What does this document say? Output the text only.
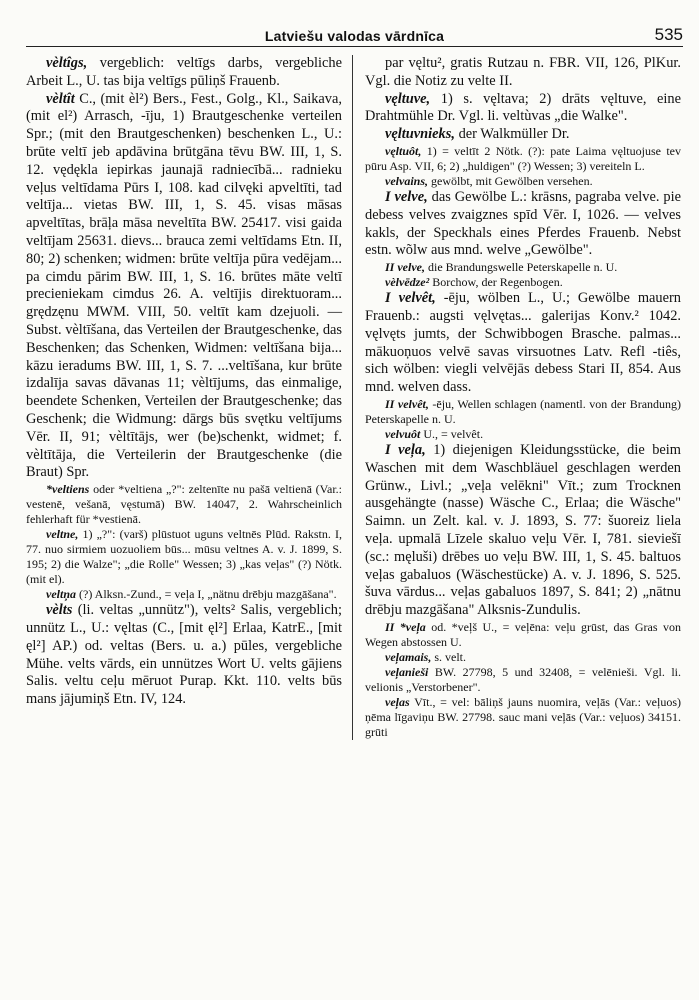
Latviešu valodas vārdnīca	535

vèltîgs, vergeblich: veltīgs darbs, vergebliche Arbeit L., U. tas bija veltīgs pūliņš Frauenb.

vèltît C., (mit èl²) Bers., Fest., Golg., Kl., Saikava, (mit el²) Arrasch, -īju, 1) Brautgeschenke verteilen Spr.; (mit den Brautgeschenken) beschenken L., U.: brūte veltī jeb apdāvina brūtgāna tēvu BW. III, 1, S. 12. vędękla iepirkas jaunajā radniecībā... radnieku veļus veltīdama Pūrs I, 108. kad cilvęki apveltīti, tad veltīja... vietas BW. III, 1, S. 45. visas māsas apveltītas, brāļa māsa neveltīta BW. 25417. visi gaida veltījam 25631. dievs... brauca zemi veltīdams Etn. II, 80; 2) schenken; widmen: brūte veltīja pūra vedējam... pa cimdu pārim BW. III, 1, S. 16. brūtes māte veltī precieniekam cimdus 26. A. veltījis direktuoram... grędzęnu MWM. VIII, 50. veltīt kam dzejuoli. — Subst. vèltīšana, das Verteilen der Brautgeschenke, das Beschenken; das Schenken, Widmen: veltīšana bija... kāzu ieradums BW. III, 1, S. 7. ...veltīšana, kur brūte izdalīja savas dāvanas 11; vèltījums, das einmalige, beendete Schenken, Verteilen der Brautgeschenke; das Geschenk; die Widmung: dārgs būs svętku veltījums Vēr. II, 91; vèltītājs, wer (be)schenkt, widmet; f. vèltītāja, die Verteilerin der Brautgeschenke (die Braut) Spr.

*veltiens oder *veltiena „?": zeltenīte nu pašā veltienā (Var.: vestenē, vešanā, vęstumā) BW. 14047, 2. Wahrscheinlich fehlerhaft für *vestienā.

veltne, 1) „?": (varš) plūstuot uguns veltnēs Plūd. Rakstn. I, 77. nuo sirmiem uozuoliem būs... mūsu veltnes A. v. J. 1899, S. 195; 2) die Walze"; „die Rolle" Wessen; 3) „kas veļas" (?) Nötk. (mit el).

veltņa (?) Alksn.-Zund., = veļa I, „nätnu drēbju mazgāšana".

vèlts (li. veltas „unnütz"), velts² Salis, vergeblich; unnütz L., U.: vęltas (C., [mit ęl²] Erlaa, KatrE., [mit ęl²] AP.) od. veltas (Bers. u. a.) pūles, vergebliche Mühe. velts vārds, ein unnützes Wort U. velts gājiens Salis. veltu ceļu mēruot Purap. Kkt. 110. velts būs mans jājumiņš Etn. IV, 124.

par vęltu², gratis Rutzau n. FBR. VII, 126, PlKur. Vgl. die Notiz zu velte II.

vęltuve, 1) s. vęltava; 2) drāts vęltuve, eine Drahtmühle Dr. Vgl. li. veltùvas „die Walke".

vęltuvnieks, der Walkmüller Dr.

vęltuôt, 1) = veltīt 2 Nötk. (?): pate Laima vęltuojuse tev pūru Asp. VII, 6; 2) „huldigen" (?) Wessen; 3) vereiteln L.

velvains, gewölbt, mit Gewölben versehen.

I velve, das Gewölbe L.: krāsns, pagraba velve. pie debess velves zvaigznes spīd Vēr. I, 1026. — velves kakls, der Speckhals eines Pferdes Frauenb. Nebst estn. wõlw aus mnd. welve „Gewölbe".

II velve, die Brandungswelle Peterskapelle n. U.

vèlvēdze² Borchow, der Regenbogen.

I velvêt, -ēju, wölben L., U.; Gewölbe mauern Frauenb.: augsti vęlvętas... galerijas Konv.² 1042. vęlvęts jumts, der Schwibbogen Brasche. palmas... mākuoņuos velvē savas virsuotnes Latv. Refl -tiês, sich wölben: viegli velvējās debess Stari II, 854. Aus mnd. welven dass.

II velvêt, -ēju, Wellen schlagen (namentl. von der Brandung) Peterskapelle n. U.

velvuôt U., = velvêt.

I veļa, 1) diejenigen Kleidungsstücke, die beim Waschen mit dem Waschbläuel geschlagen werden Grünw., Livl.; „veļa velēkni" Vīt.; zum Trocknen ausgehängte (nasse) Wäsche C., Erlaa; die Wäsche" Saimn. un Zelt. kal. v. J. 1893, S. 77: šuoreiz liela veļa. upmalā Līzele skaluo veļu Vēr. I, 781. sieviešī (sc.: męluši) drēbes uo veļu BW. III, 1, S. 45. baltuos veļas gabaluos (Wäschestücke) A. v. J. 1896, S. 525. šuva vārdus... veļas gabaluos 1897, S. 841; 2) „nātnu drēbju mazgāšana" Alksnis-Zundulis.

II *veļa od. *veļš U., = veļēna: veļu grūst, das Gras von Wegen abstossen U.

veļamais, s. velt.

veļanieši BW. 27798, 5 und 32408, = velēnieši. Vgl. li. velionis „Verstorbener".

veļas Vīt., = vel: bāliņš jauns nuomira, veļās (Var.: veļuos) ņēma līgaviņu BW. 27798. sauc mani veļās (Var.: veļuos) 34151. grūti
